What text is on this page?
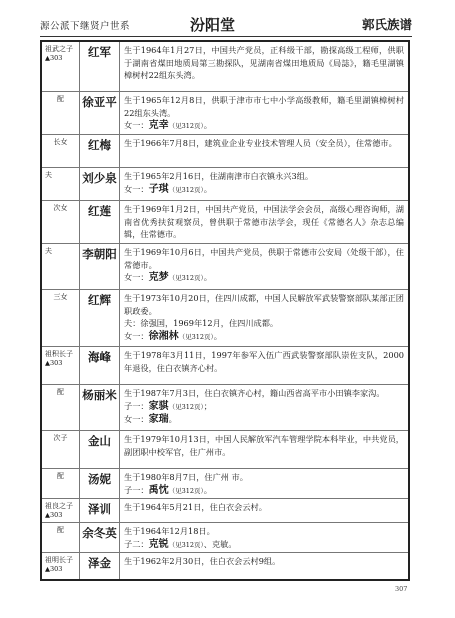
源公派下继贤户世系	汾阳堂	郭氏族谱
祖武之子
▲303	红军	生于1964年1月27日，中国共产党员，正科级干部，勘探高级工程师，供职于湖南省煤田地质局第三勘探队，见湖南省煤田地质局《局誌》，籍毛里湖镇樟树村22组东头湾。
配	徐亚平 生于1965年12月8日，供职于津市市七中小学高级教师，籍毛里湖镇樟树村22组东头湾。
女一：克幸（见312页）。
长女	红梅	生于1966年7月8日，建筑业企业专业技术管理人员（安全员），住常德市。
夫	刘少泉 生于1965年2月16日，住湖南津市白衣镇永兴3组。
女一：子琪（见312页）。
次女	红莲	生于1969年1月2日，中国共产党员，中国法学会会员，高级心理咨询师，湖南省优秀扶贫观察员，曾供职于常德市法学会，现任《常德名人》杂志总编辑，住常德市。
夫	李朝阳 生于1969年10月6日，中国共产党员，供职于常德市公安局（处级干部），住常德市。
女一：克梦（见312页）。
三女	红辉	生于1973年10月20日，住四川成都，中国人民解放军武装警察部队某部正团职政委。
夫：徐强国，1969年12月，住四川成都。
女一：徐湘林（见312页）。
祖积长子
▲303	海峰	生于1978年3月11日，1997年参军入伍广西武装警察部队崇佐支队，2000年退役，住白衣镇齐心村。
配	杨丽米 生于1987年7月3日，住白衣镇齐心村，籍山西省高平市小田镇李家沟。
子一：家骐（见312页）；
女一：家瑞。
次子	金山	生于1979年10月13日，中国人民解放军汽车管理学院本科毕业，中共党员，副团职中校军官，住广州市。
配	汤妮	生于1980年8月7日，住广州 市。
子一：禹忱（见312页）。
祖良之子
▲303	泽训	生于1964年5月21日，住白衣会云村。
配	余冬英 生于1964年12月18日。
子二：克锐（见312页）、克敏。
祖明长子
▲303	泽金	生于1962年2月30日，住白衣会云村9组。
307
